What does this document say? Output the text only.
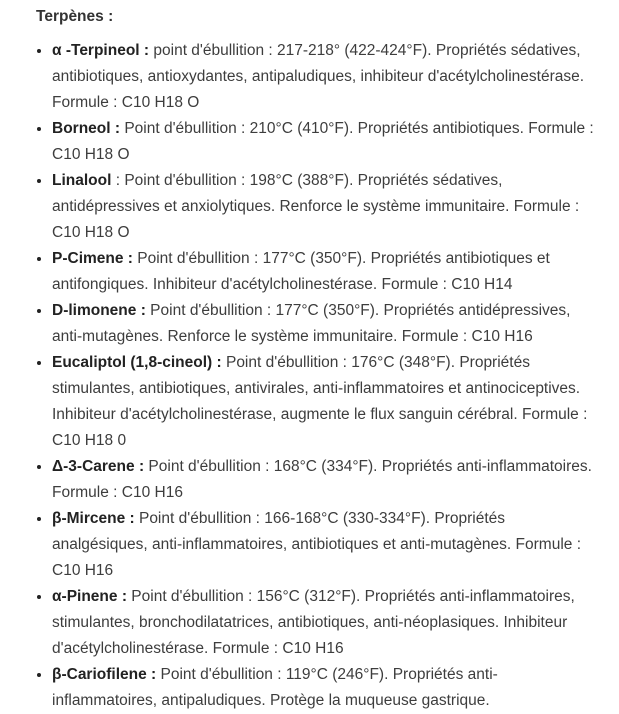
Terpènes :
• α -Terpineol : point d'ébullition : 217-218° (422-424°F). Propriétés sédatives, antibiotiques, antioxydantes, antipaludiques, inhibiteur d'acétylcholinestérase. Formule : C10 H18 O
• Borneol : Point d'ébullition : 210°C (410°F). Propriétés antibiotiques. Formule : C10 H18 O
• Linalool : Point d'ébullition : 198°C (388°F). Propriétés sédatives, antidépressives et anxiolytiques. Renforce le système immunitaire. Formule : C10 H18 O
• P-Cimene : Point d'ébullition : 177°C (350°F). Propriétés antibiotiques et antifongiques. Inhibiteur d'acétylcholinestérase. Formule : C10 H14
• D-limonene : Point d'ébullition : 177°C (350°F). Propriétés antidépressives, anti-mutagènes. Renforce le système immunitaire. Formule : C10 H16
• Eucaliptol (1,8-cineol) : Point d'ébullition : 176°C (348°F). Propriétés stimulantes, antibiotiques, antivirales, anti-inflammatoires et antinociceptives. Inhibiteur d'acétylcholinestérase, augmente le flux sanguin cérébral. Formule : C10 H18 0
• Δ-3-Carene : Point d'ébullition : 168°C (334°F). Propriétés anti-inflammatoires. Formule : C10 H16
• β-Mircene : Point d'ébullition : 166-168°C (330-334°F). Propriétés analgésiques, anti-inflammatoires, antibiotiques et anti-mutagènes. Formule : C10 H16
• α-Pinene : Point d'ébullition : 156°C (312°F). Propriétés anti-inflammatoires, stimulantes, bronchodilatatrices, antibiotiques, anti-néoplasiques. Inhibiteur d'acétylcholinestérase. Formule : C10 H16
• β-Cariofilene : Point d'ébullition : 119°C (246°F). Propriétés anti-inflammatoires, antipaludiques. Protège la muqueuse gastrique.
